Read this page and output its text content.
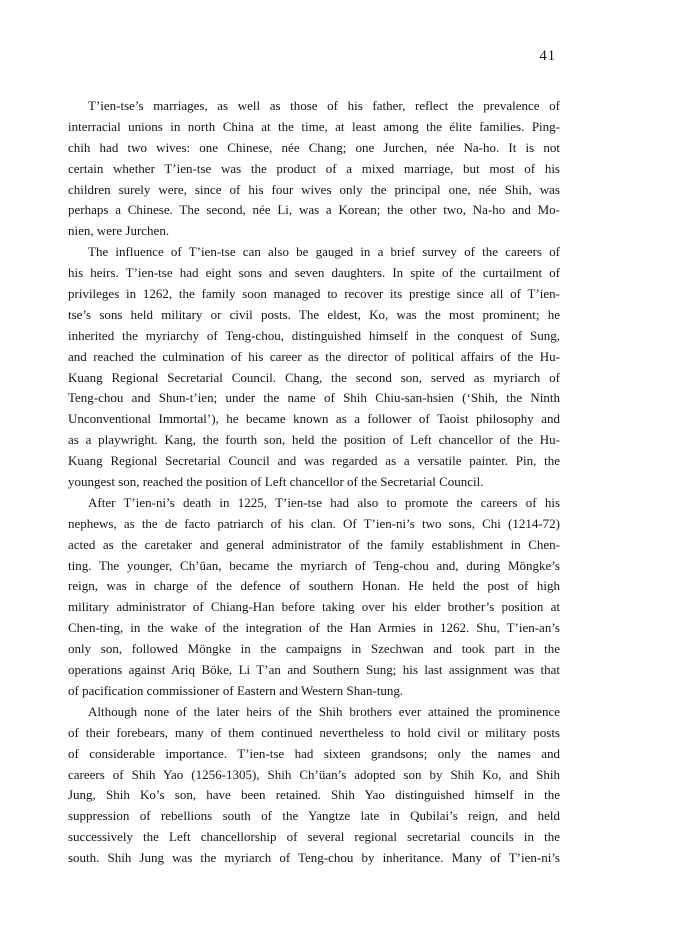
41
T’ien-tse’s marriages, as well as those of his father, reflect the prevalence of
interracial unions in north China at the time, at least among the élite families. Ping-
chih had two wives: one Chinese, née Chang; one Jurchen, née Na-ho. It is not
certain whether T’ien-tse was the product of a mixed marriage, but most of his
children surely were, since of his four wives only the principal one, née Shih, was
perhaps a Chinese. The second, née Li, was a Korean; the other two, Na-ho and Mo-
nien, were Jurchen.
The influence of T’ien-tse can also be gauged in a brief survey of the careers of
his heirs. T’ien-tse had eight sons and seven daughters. In spite of the curtailment of
privileges in 1262, the family soon managed to recover its prestige since all of T’ien-
tse’s sons held military or civil posts. The eldest, Ko, was the most prominent; he
inherited the myriarchy of Teng-chou, distinguished himself in the conquest of Sung,
and reached the culmination of his career as the director of political affairs of the Hu-
Kuang Regional Secretarial Council. Chang, the second son, served as myriarch of
Teng-chou and Shun-t’ien; under the name of Shih Chiu-san-hsien (‘Shih, the Ninth
Unconventional Immortal’), he became known as a follower of Taoist philosophy and
as a playwright. Kang, the fourth son, held the position of Left chancellor of the Hu-
Kuang Regional Secretarial Council and was regarded as a versatile painter. Pin, the
youngest son, reached the position of Left chancellor of the Secretarial Council.
After T’ien-ni’s death in 1225, T’ien-tse had also to promote the careers of his
nephews, as the de facto patriarch of his clan. Of T’ien-ni’s two sons, Chi (1214-72)
acted as the caretaker and general administrator of the family establishment in Chen-
ting. The younger, Ch’üan, became the myriarch of Teng-chou and, during Möngke’s
reign, was in charge of the defence of southern Honan. He held the post of high
military administrator of Chiang-Han before taking over his elder brother’s position at
Chen-ting, in the wake of the integration of the Han Armies in 1262. Shu, T’ien-an’s
only son, followed Möngke in the campaigns in Szechwan and took part in the
operations against Ariq Böke, Li T’an and Southern Sung; his last assignment was that
of pacification commissioner of Eastern and Western Shan-tung.
Although none of the later heirs of the Shih brothers ever attained the prominence
of their forebears, many of them continued nevertheless to hold civil or military posts
of considerable importance. T’ien-tse had sixteen grandsons; only the names and
careers of Shih Yao (1256-1305), Shih Ch’üan’s adopted son by Shih Ko, and Shih
Jung, Shih Ko’s son, have been retained. Shih Yao distinguished himself in the
suppression of rebellions south of the Yangtze late in Qubilai’s reign, and held
successively the Left chancellorship of several regional secretarial councils in the
south. Shih Jung was the myriarch of Teng-chou by inheritance. Many of T’ien-ni’s
